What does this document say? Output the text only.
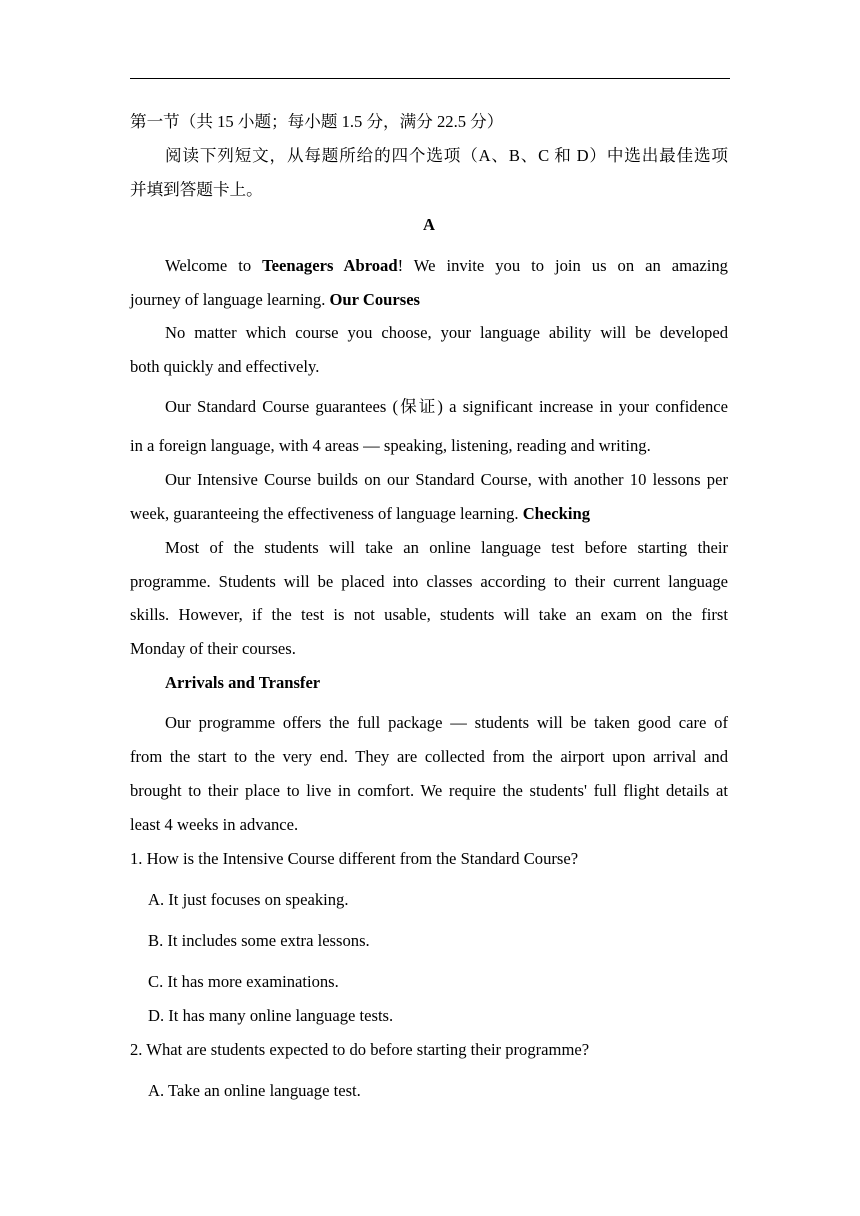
第一节（共 15 小题；每小题 1.5 分，满分 22.5 分）
阅读下列短文，从每题所给的四个选项（A、B、C 和 D）中选出最佳选项
并填到答题卡上。
A
Welcome to Teenagers Abroad! We invite you to join us on an amazing
journey of language learning. Our Courses
No matter which course you choose, your language ability will be developed
both quickly and effectively.
Our Standard Course guarantees (保证) a significant increase in your confidence
in a foreign language, with 4 areas — speaking, listening, reading and writing.
Our Intensive Course builds on our Standard Course, with another 10 lessons per
week, guaranteeing the effectiveness of language learning. Checking
Most of the students will take an online language test before starting their
programme. Students will be placed into classes according to their current language
skills. However, if the test is not usable, students will take an exam on the first
Monday of their courses.
Arrivals and Transfer
Our programme offers the full package — students will be taken good care of
from the start to the very end. They are collected from the airport upon arrival and
brought to their place to live in comfort. We require the students' full flight details at
least 4 weeks in advance.
1. How is the Intensive Course different from the Standard Course?
A. It just focuses on speaking.
B. It includes some extra lessons.
C. It has more examinations.
D. It has many online language tests.
2. What are students expected to do before starting their programme?
A. Take an online language test.
